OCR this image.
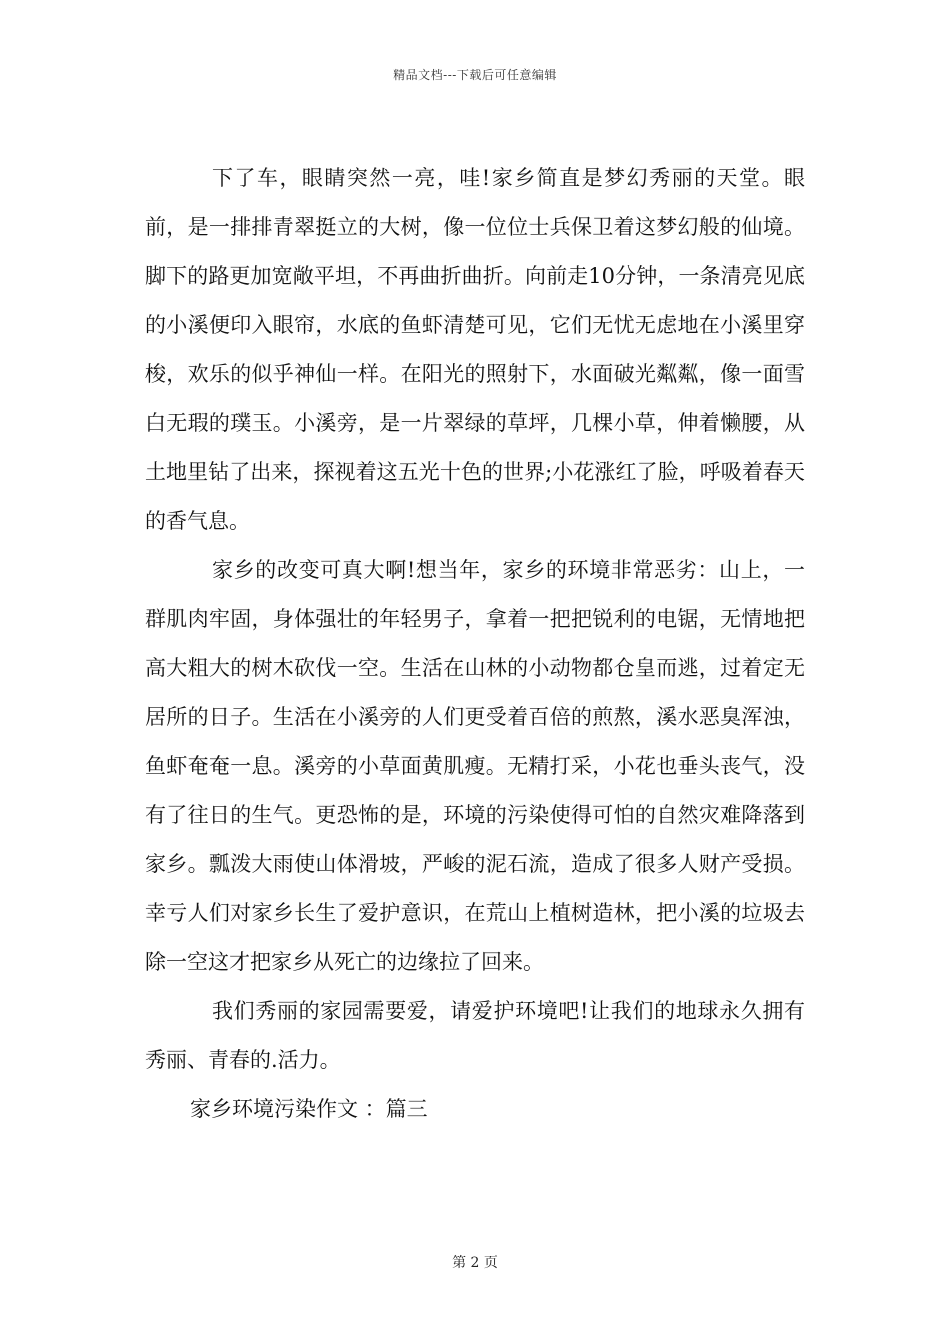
精品文档---下载后可任意编辑

下了车，眼睛突然一亮，哇!家乡简直是梦幻秀丽的天堂。眼前，是一排排青翠挺立的大树，像一位位士兵保卫着这梦幻般的仙境。脚下的路更加宽敞平坦，不再曲折曲折。向前走10分钟，一条清亮见底的小溪便印入眼帘，水底的鱼虾清楚可见，它们无忧无虑地在小溪里穿梭，欢乐的似乎神仙一样。在阳光的照射下，水面破光粼粼，像一面雪白无瑕的璞玉。小溪旁，是一片翠绿的草坪，几棵小草，伸着懒腰，从土地里钻了出来，探视着这五光十色的世界;小花涨红了脸，呼吸着春天的香气息。

家乡的改变可真大啊!想当年，家乡的环境非常恶劣：山上，一群肌肉牢固，身体强壮的年轻男子，拿着一把把锐利的电锯，无情地把高大粗大的树木砍伐一空。生活在山林的小动物都仓皇而逃，过着定无居所的日子。生活在小溪旁的人们更受着百倍的煎熬，溪水恶臭浑浊，鱼虾奄奄一息。溪旁的小草面黄肌瘦。无精打采，小花也垂头丧气，没有了往日的生气。更恐怖的是，环境的污染使得可怕的自然灾难降落到家乡。瓢泼大雨使山体滑坡，严峻的泥石流，造成了很多人财产受损。幸亏人们对家乡长生了爱护意识，在荒山上植树造林，把小溪的垃圾去除一空这才把家乡从死亡的边缘拉了回来。

我们秀丽的家园需要爱，请爱护环境吧!让我们的地球永久拥有秀丽、青春的.活力。

家乡环境污染作文 ：篇三

第 2 页
